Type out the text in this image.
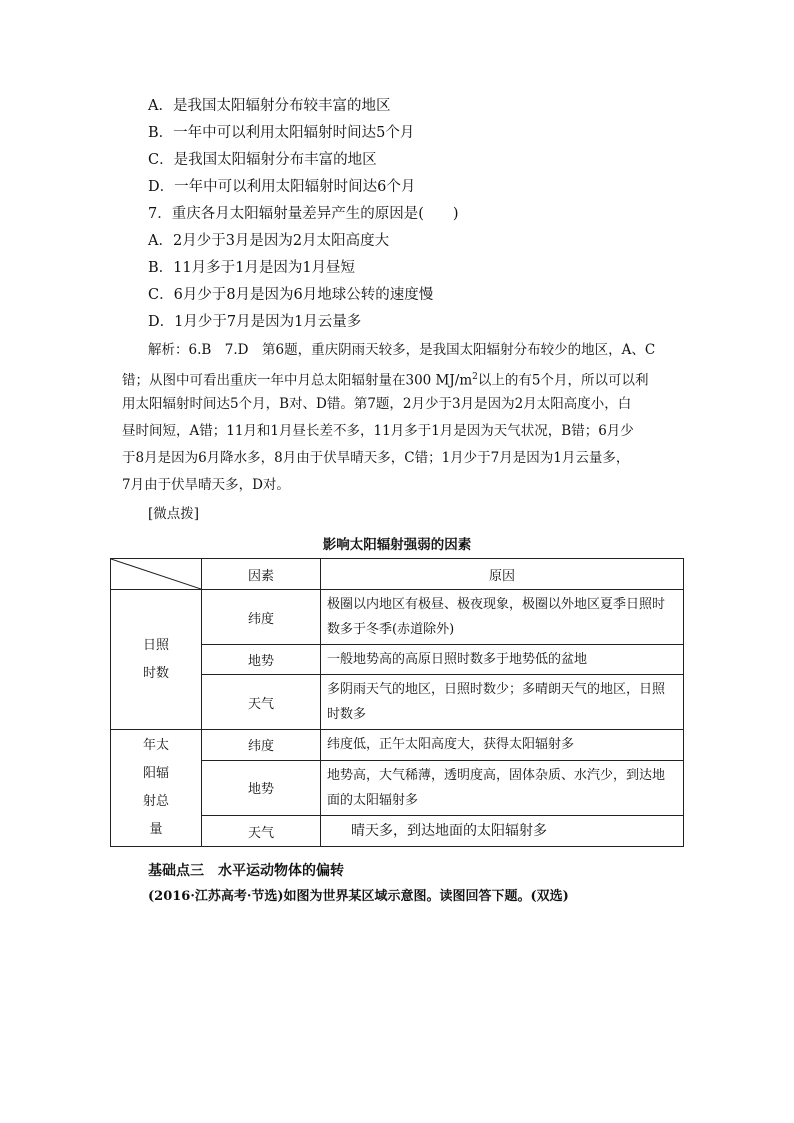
A．是我国太阳辐射分布较丰富的地区
B．一年中可以利用太阳辐射时间达5个月
C．是我国太阳辐射分布丰富的地区
D．一年中可以利用太阳辐射时间达6个月
7．重庆各月太阳辐射量差异产生的原因是(　　)
A．2月少于3月是因为2月太阳高度大
B．11月多于1月是因为1月昼短
C．6月少于8月是因为6月地球公转的速度慢
D．1月少于7月是因为1月云量多
解析：6.B　7.D　第6题，重庆阴雨天较多，是我国太阳辐射分布较少的地区，A、C
错；从图中可看出重庆一年中月总太阳辐射量在300 $MJ/m^2$以上的有5个月，所以可以利
用太阳辐射时间达5个月，B对、D错。第7题，2月少于3月是因为2月太阳高度小，白
昼时间短，A错；11月和1月昼长差不多，11月多于1月是因为天气状况，B错；6月少
于8月是因为6月降水多，8月由于伏旱晴天多，C错；1月少于7月是因为1月云量多，
7月由于伏旱晴天多，D对。
[微点拨]
影响太阳辐射强弱的因素
	因素	原因

日照
时数	纬度	极圈以内地区有极昼、极夜现象，极圈以外地区夏季日照时数多于冬季(赤道除外)
	地势	一般地势高的高原日照时数多于地势低的盆地
	天气	多阴雨天气的地区，日照时数少；多晴朗天气的地区，日照时数多

年太
阳辐
射总
量	纬度	纬度低，正午太阳高度大，获得太阳辐射多
	地势	地势高，大气稀薄，透明度高，固体杂质、水汽少，到达地面的太阳辐射多
	天气	晴天多，到达地面的太阳辐射多
基础点三　水平运动物体的偏转
(2016·江苏高考·节选)如图为世界某区域示意图。读图回答下题。(双选)
